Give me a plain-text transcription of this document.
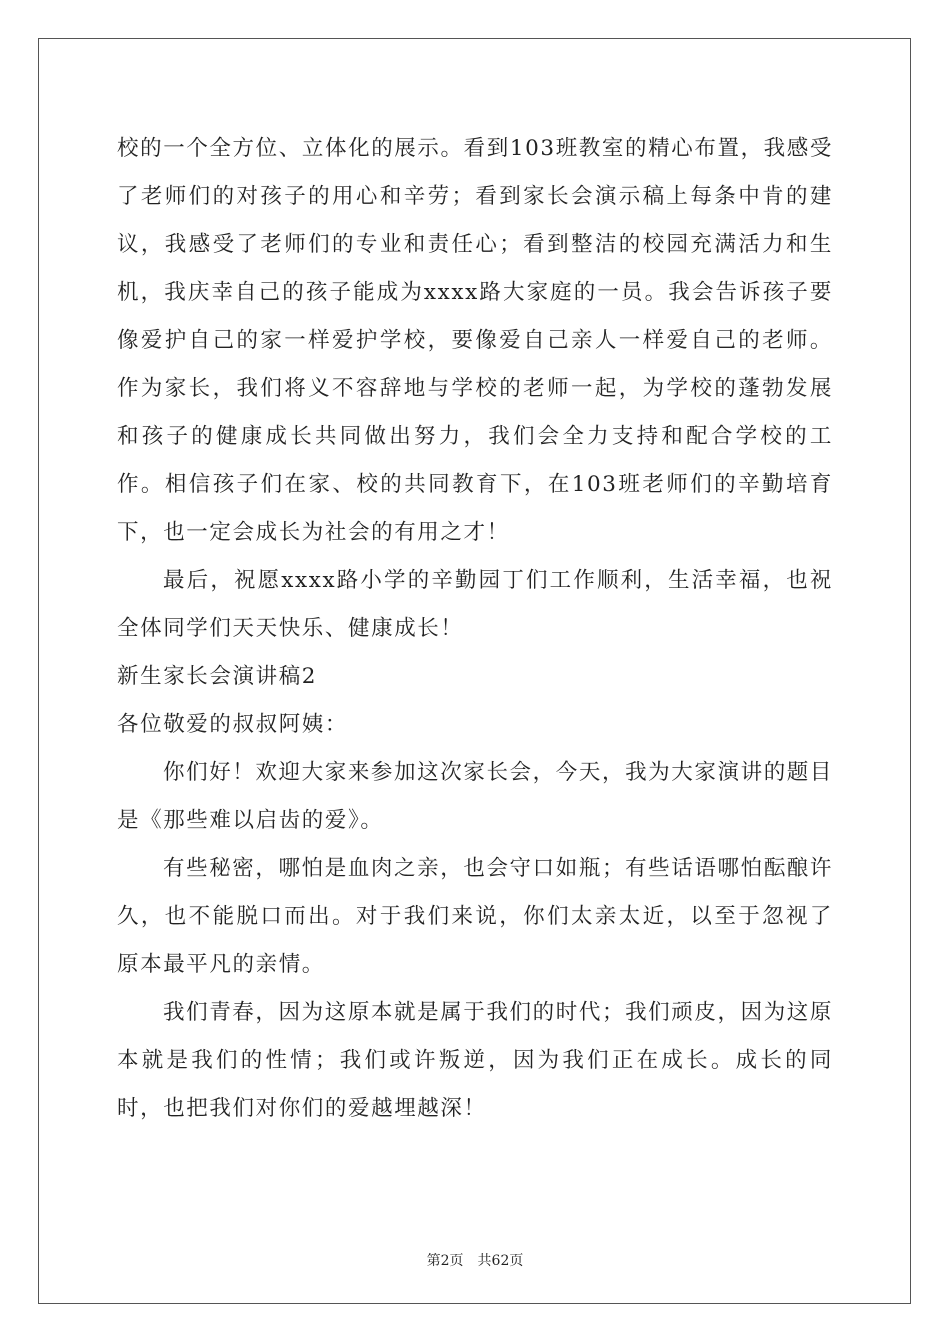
校的一个全方位、立体化的展示。看到103班教室的精心布置，我感受了老师们的对孩子的用心和辛劳；看到家长会演示稿上每条中肯的建议，我感受了老师们的专业和责任心；看到整洁的校园充满活力和生机，我庆幸自己的孩子能成为xxxx路大家庭的一员。我会告诉孩子要像爱护自己的家一样爱护学校，要像爱自己亲人一样爱自己的老师。作为家长，我们将义不容辞地与学校的老师一起，为学校的蓬勃发展和孩子的健康成长共同做出努力，我们会全力支持和配合学校的工作。相信孩子们在家、校的共同教育下，在103班老师们的辛勤培育下，也一定会成长为社会的有用之才！

最后，祝愿xxxx路小学的辛勤园丁们工作顺利，生活幸福，也祝全体同学们天天快乐、健康成长！

新生家长会演讲稿2

各位敬爱的叔叔阿姨：

你们好！欢迎大家来参加这次家长会，今天，我为大家演讲的题目是《那些难以启齿的爱》。

有些秘密，哪怕是血肉之亲，也会守口如瓶；有些话语哪怕酝酿许久，也不能脱口而出。对于我们来说，你们太亲太近，以至于忽视了原本最平凡的亲情。

我们青春，因为这原本就是属于我们的时代；我们顽皮，因为这原本就是我们的性情；我们或许叛逆，因为我们正在成长。成长的同时，也把我们对你们的爱越埋越深！

第2页 共62页
